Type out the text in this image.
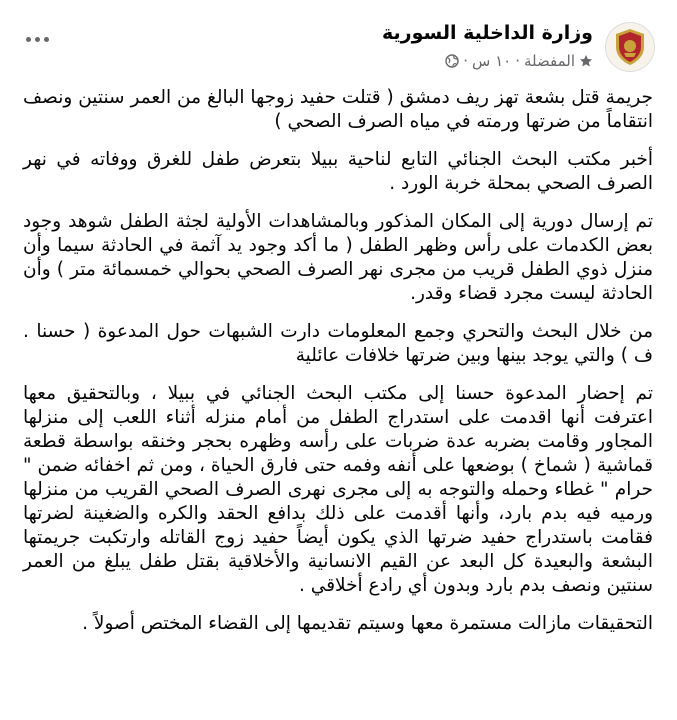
وزارة الداخلية السورية
المفضلة
·
١٠ س
·

جريمة قتل بشعة تهز ريف دمشق ( قتلت حفيد زوجها البالغ من العمر سنتين ونصف انتقاماً من ضرتها ورمته في مياه الصرف الصحي )

أخبر مكتب البحث الجنائي التابع لناحية ببيلا بتعرض طفل للغرق ووفاته في نهر الصرف الصحي بمحلة خربة الورد .

تم إرسال دورية إلى المكان المذكور وبالمشاهدات الأولية لجثة الطفل شوهد وجود بعض الكدمات على رأس وظهر الطفل ( ما أكد وجود يد آثمة في الحادثة سيما وأن منزل ذوي الطفل قريب من مجرى نهر الصرف الصحي بحوالي خمسمائة متر ) وأن الحادثة ليست مجرد قضاء وقدر.

من خلال البحث والتحري وجمع المعلومات دارت الشبهات حول المدعوة ( حسنا . ف ) والتي يوجد بينها وبين ضرتها خلافات عائلية

تم إحضار المدعوة حسنا إلى مكتب البحث الجنائي في ببيلا ، وبالتحقيق معها اعترفت أنها اقدمت على استدراج الطفل من أمام منزله أثناء اللعب إلى منزلها المجاور وقامت بضربه عدة ضربات على رأسه وظهره بحجر وخنقه بواسطة قطعة قماشية ( شماخ ) بوضعها على أنفه وفمه حتى فارق الحياة ، ومن ثم اخفائه ضمن " حرام " غطاء وحمله والتوجه به إلى مجرى نهرى الصرف الصحي القريب من منزلها ورميه فيه بدم بارد، وأنها أقدمت على ذلك بدافع الحقد والكره والضغينة لضرتها فقامت باستدراج حفيد ضرتها الذي يكون أيضاً حفيد زوج القاتله وارتكبت جريمتها البشعة والبعيدة كل البعد عن القيم الانسانية والأخلاقية بقتل طفل يبلغ من العمر سنتين ونصف بدم بارد وبدون أي رادع أخلاقي .

التحقيقات مازالت مستمرة معها وسيتم تقديمها إلى القضاء المختص أصولاً .
